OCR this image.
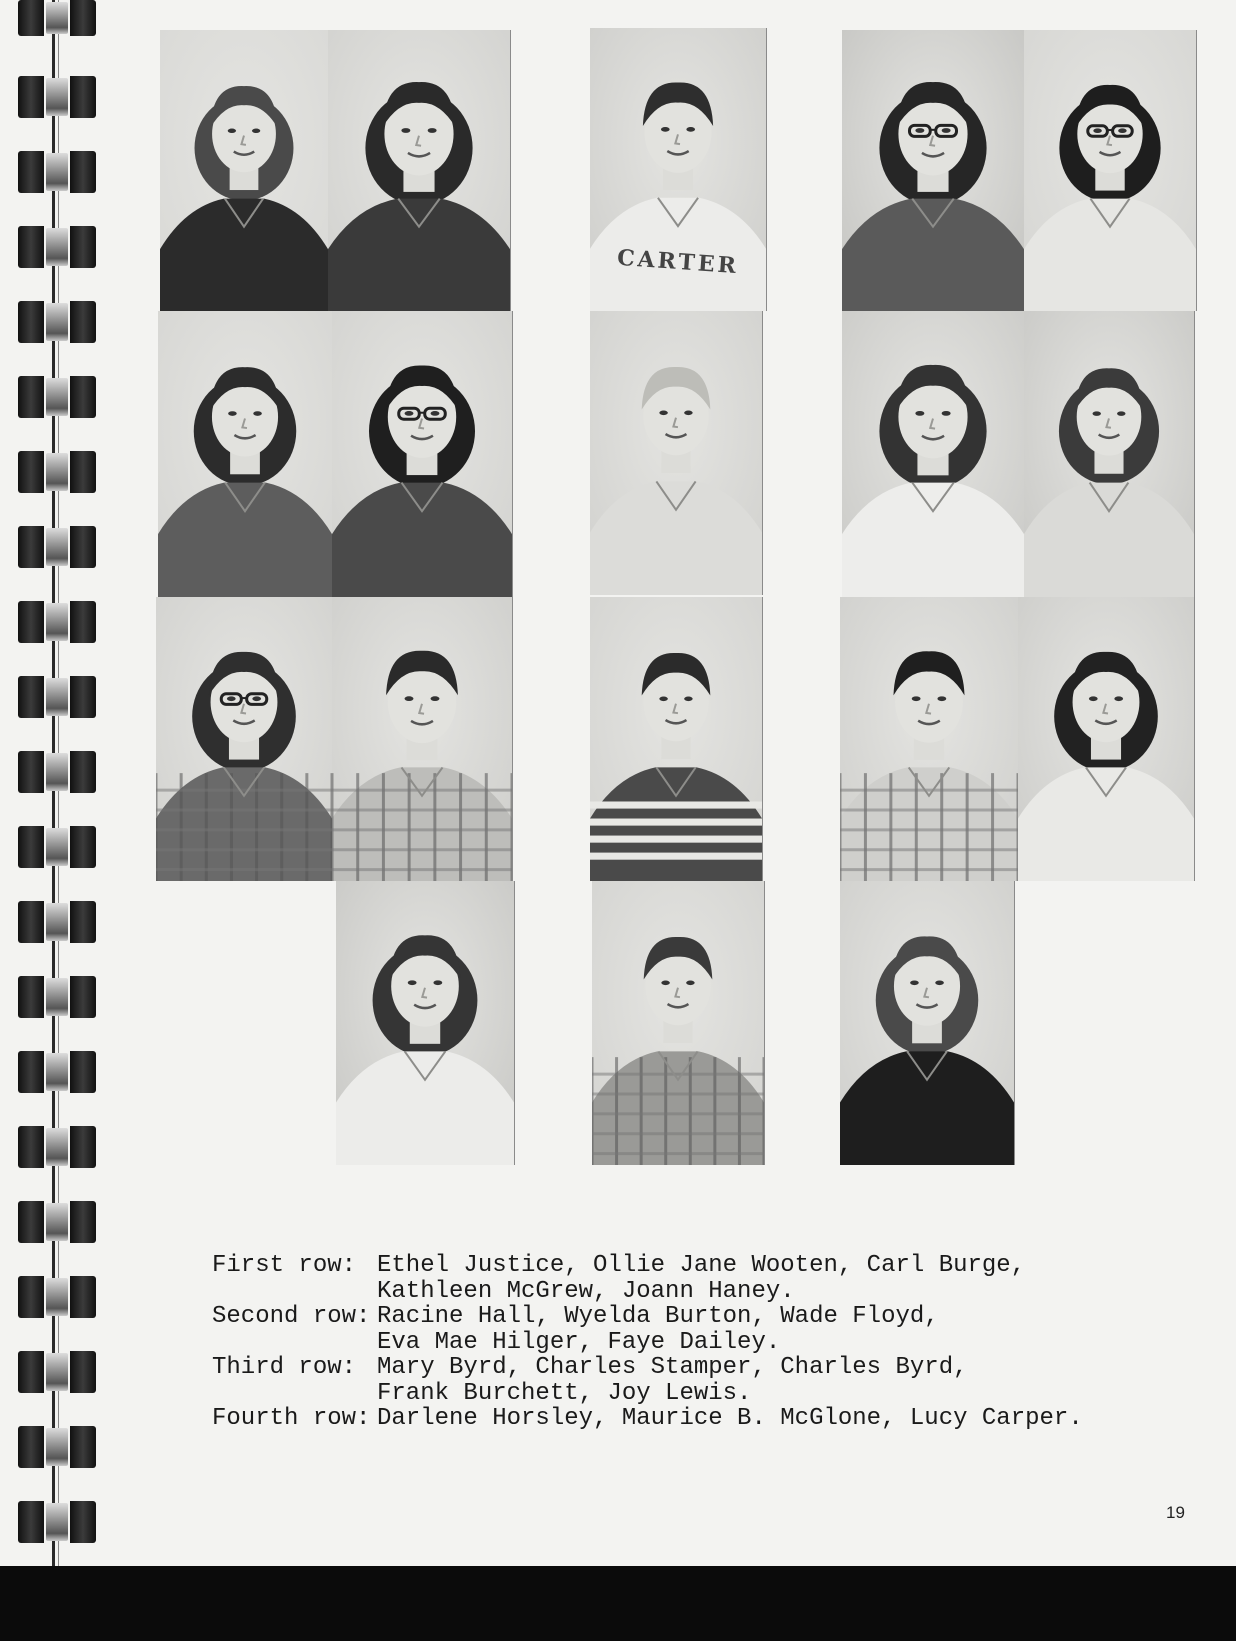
CARTER
First row: Ethel Justice, Ollie Jane Wooten, Carl Burge,
Kathleen McGrew, Joann Haney.
Second row: Racine Hall, Wyelda Burton, Wade Floyd,
Eva Mae Hilger, Faye Dailey.
Third row: Mary Byrd, Charles Stamper, Charles Byrd,
Frank Burchett, Joy Lewis.
Fourth row: Darlene Horsley, Maurice B. McGlone, Lucy Carper.
19
